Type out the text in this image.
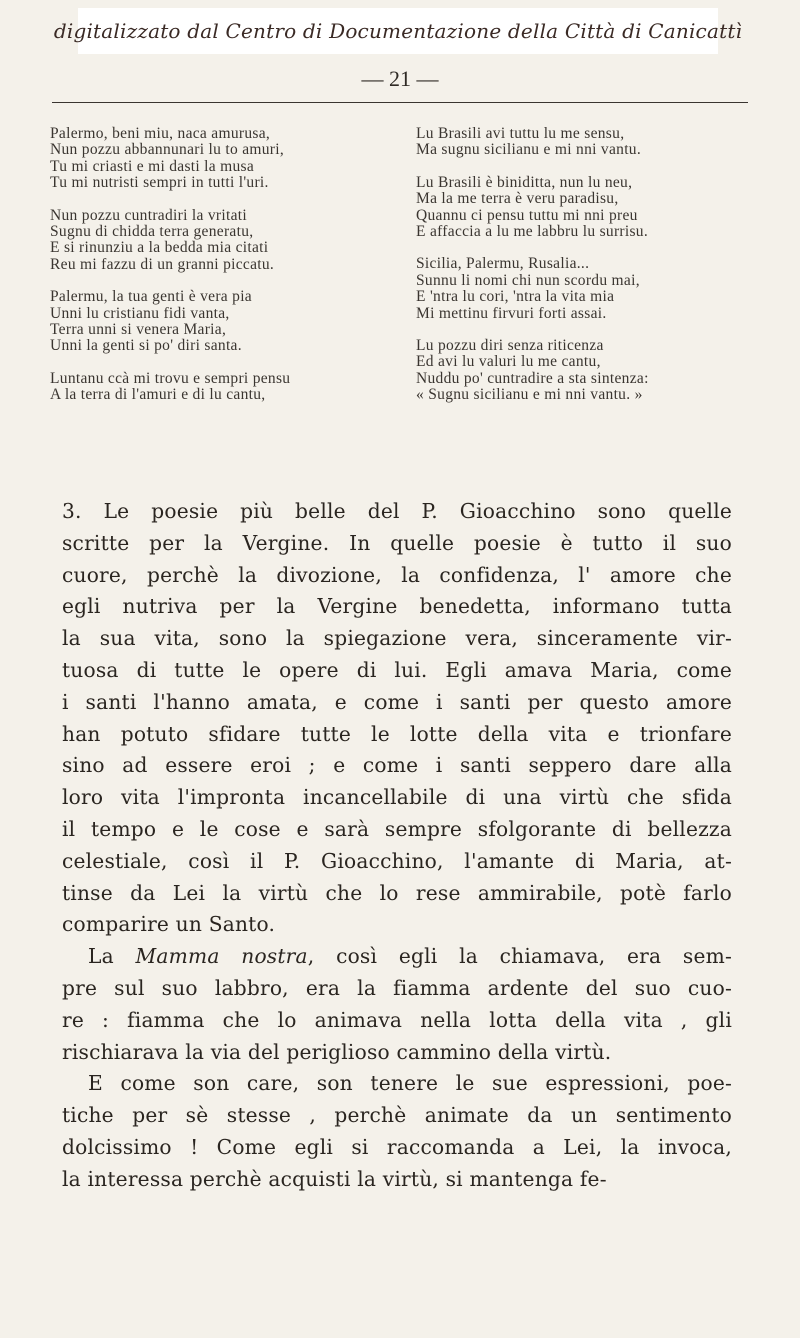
digitalizzato dal Centro di Documentazione della Città di Canicattì
— 21 —
Palermo, beni miu, naca amurusa,
Nun pozzu abbannunari lu to amuri,
Tu mi criasti e mi dasti la musa
Tu mi nutristi sempri in tutti l'uri.
Nun pozzu cuntradiri la vritati
Sugnu di chidda terra generatu,
E si rinunziu a la bedda mia citati
Reu mi fazzu di un granni piccatu.
Palermu, la tua genti è vera pia
Unni lu cristianu fidi vanta,
Terra unni si venera Maria,
Unni la genti si po' diri santa.
Luntanu ccà mi trovu e sempri pensu
A la terra di l'amuri e di lu cantu,
Lu Brasili avi tuttu lu me sensu,
Ma sugnu sicilianu e mi nni vantu.
Lu Brasili è biniditta, nun lu neu,
Ma la me terra è veru paradisu,
Quannu ci pensu tuttu mi nni preu
E affaccia a lu me labbru lu surrisu.
Sicilia, Palermu, Rusalia...
Sunnu li nomi chi nun scordu mai,
E 'ntra lu cori, 'ntra la vita mia
Mi mettinu firvuri forti assai.
Lu pozzu diri senza riticenza
Ed avi lu valuri lu me cantu,
Nuddu po' cuntradire a sta sintenza:
« Sugnu sicilianu e mi nni vantu. »
3. Le poesie più belle del P. Gioacchino sono quelle
scritte per la Vergine. In quelle poesie è tutto il suo
cuore, perchè la divozione, la confidenza, l' amore che
egli nutriva per la Vergine benedetta, informano tutta
la sua vita, sono la spiegazione vera, sinceramente vir-
tuosa di tutte le opere di lui. Egli amava Maria, come
i santi l'hanno amata, e come i santi per questo amore
han potuto sfidare tutte le lotte della vita e trionfare
sino ad essere eroi ; e come i santi seppero dare alla
loro vita l'impronta incancellabile di una virtù che sfida
il tempo e le cose e sarà sempre sfolgorante di bellezza
celestiale, così il P. Gioacchino, l'amante di Maria, at-
tinse da Lei la virtù che lo rese ammirabile, potè farlo
comparire un Santo.
La Mamma nostra, così egli la chiamava, era sem-
pre sul suo labbro, era la fiamma ardente del suo cuo-
re : fiamma che lo animava nella lotta della vita , gli
rischiarava la via del periglioso cammino della virtù.
E come son care, son tenere le sue espressioni, poe-
tiche per sè stesse , perchè animate da un sentimento
dolcissimo ! Come egli si raccomanda a Lei, la invoca,
la interessa perchè acquisti la virtù, si mantenga fe-
